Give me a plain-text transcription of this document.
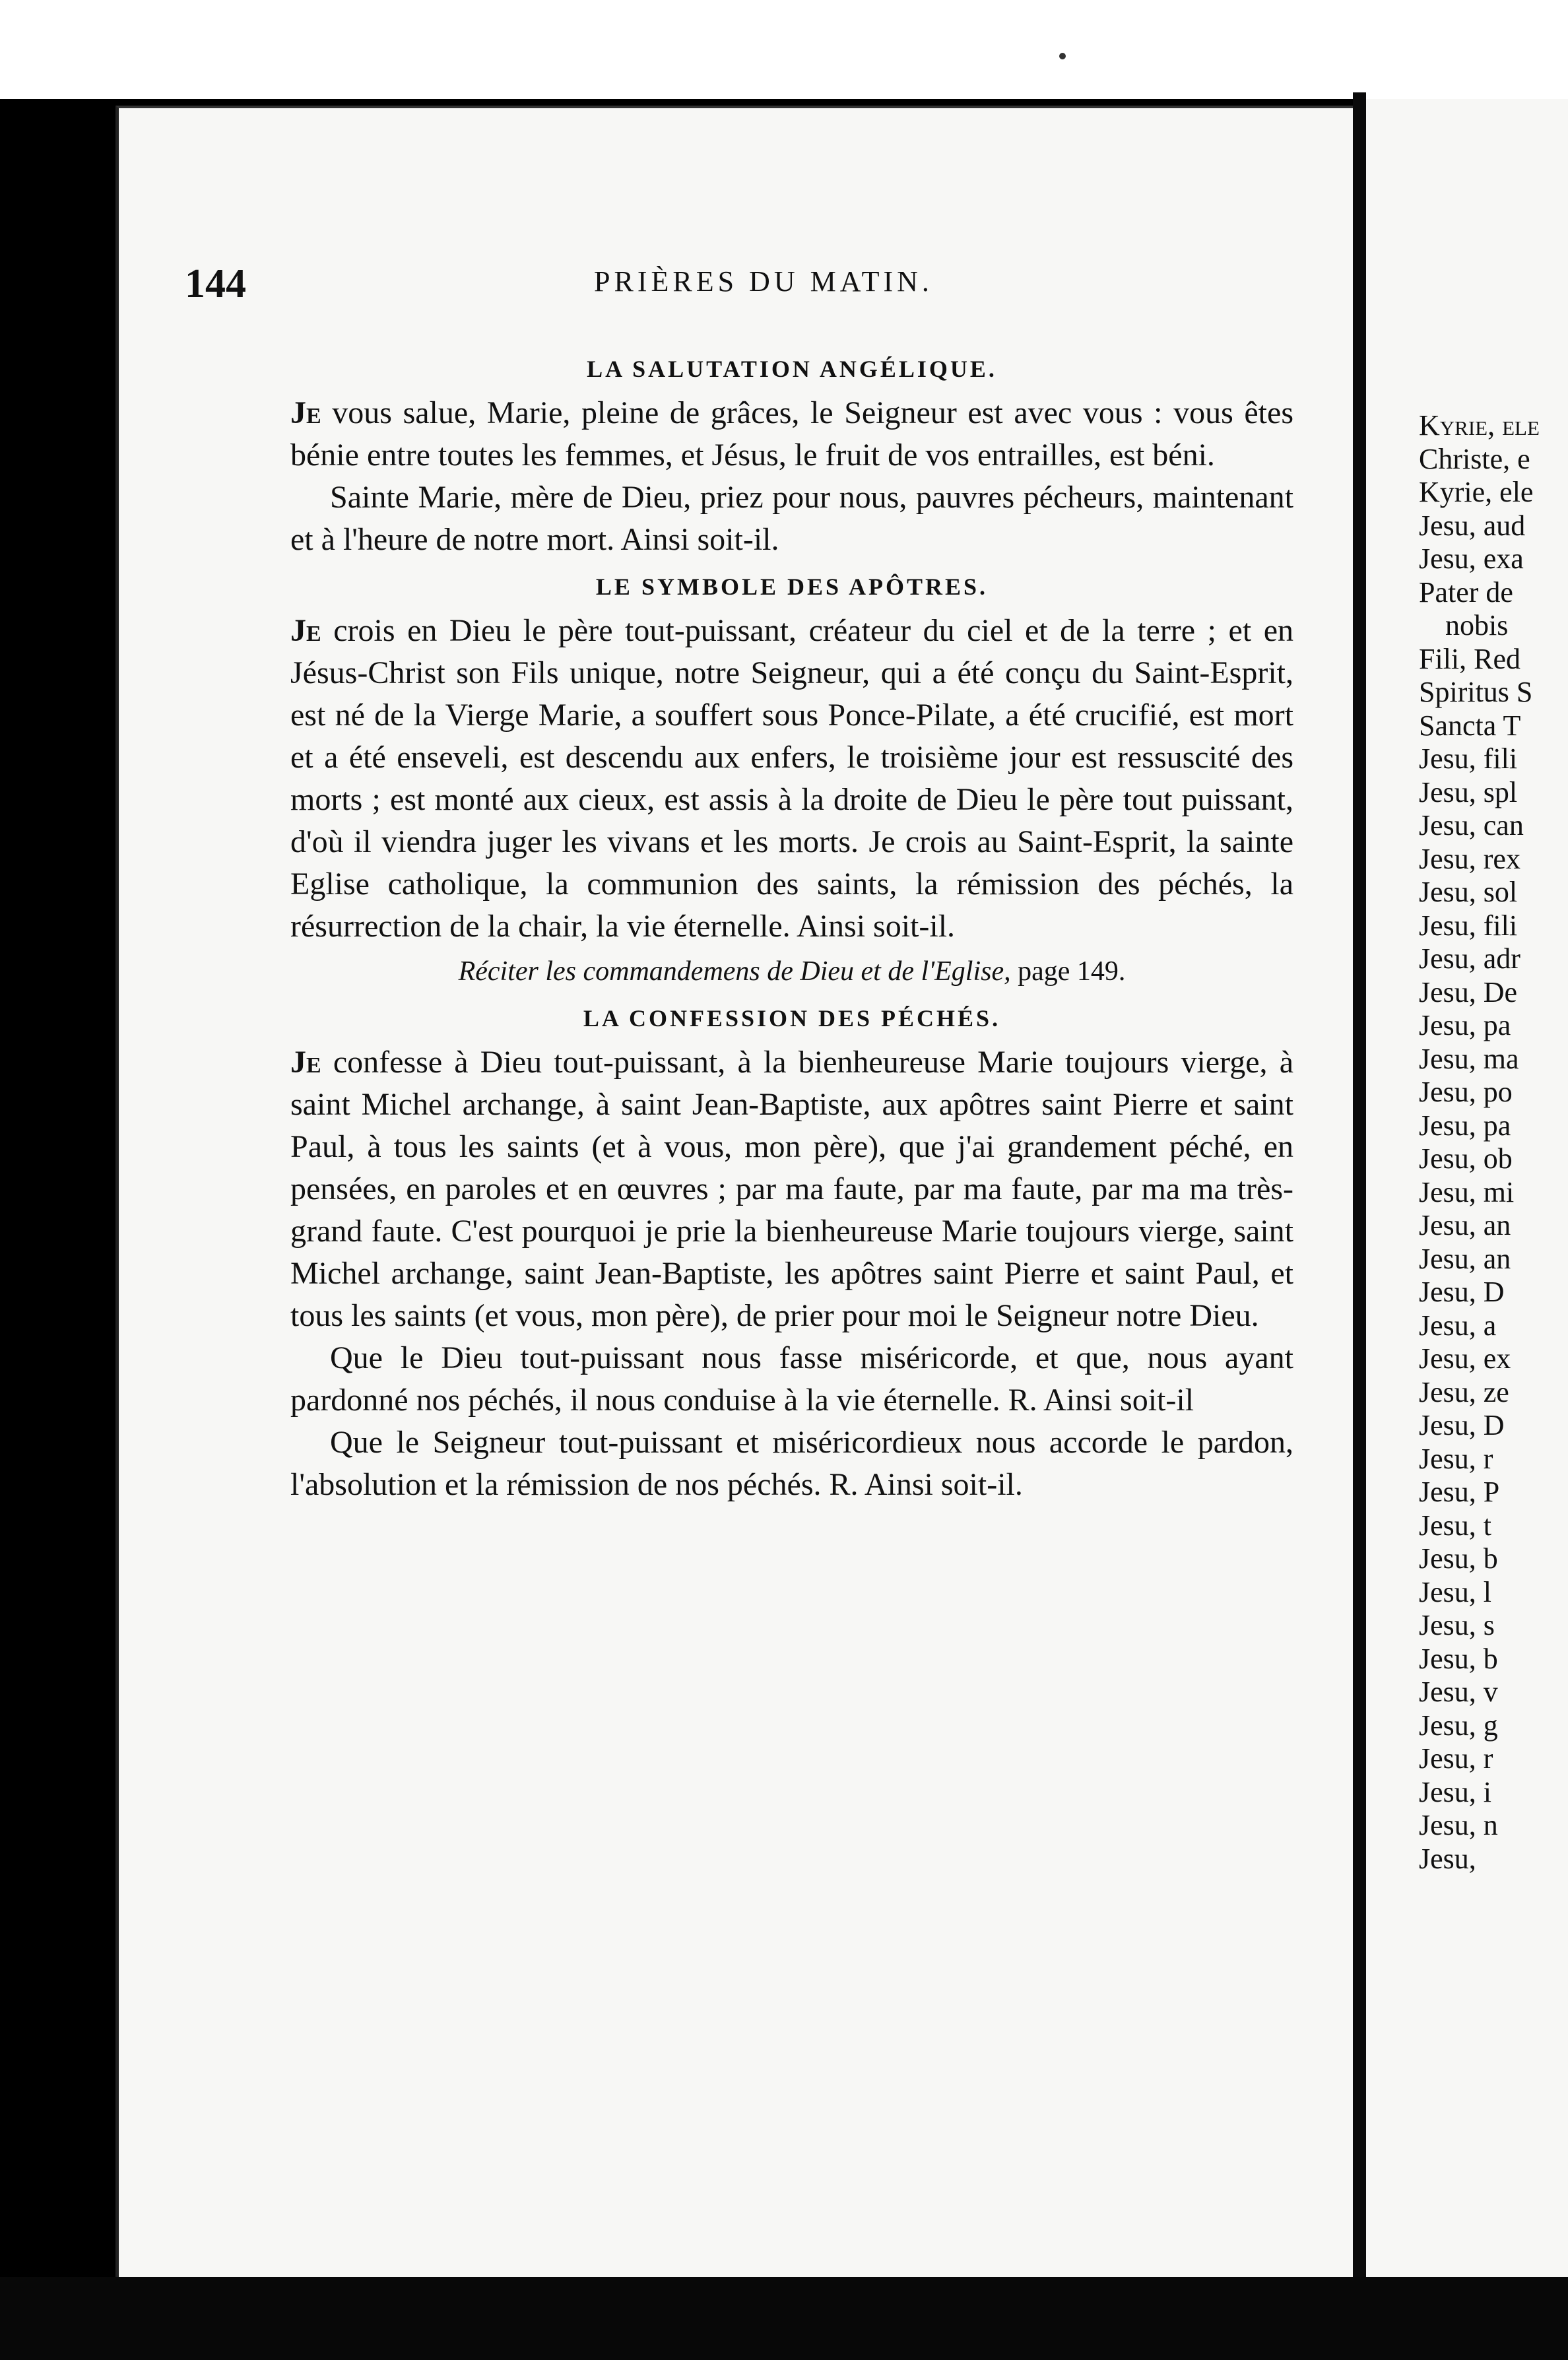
144	PRIÈRES DU MATIN.
LA SALUTATION ANGÉLIQUE.

Je vous salue, Marie, pleine de grâces, le Seigneur est avec vous : vous êtes bénie entre toutes les femmes, et Jésus, le fruit de vos entrailles, est béni.

Sainte Marie, mère de Dieu, priez pour nous, pauvres pécheurs, maintenant et à l'heure de notre mort. Ainsi soit-il.

LE SYMBOLE DES APÔTRES.

Je crois en Dieu le père tout-puissant, créateur du ciel et de la terre ; et en Jésus-Christ son Fils unique, notre Seigneur, qui a été conçu du Saint-Esprit, est né de la Vierge Marie, a souffert sous Ponce-Pilate, a été crucifié, est mort et a été enseveli, est descendu aux enfers, le troisième jour est ressuscité des morts ; est monté aux cieux, est assis à la droite de Dieu le père tout puissant, d'où il viendra juger les vivans et les morts. Je crois au Saint-Esprit, la sainte Eglise catholique, la communion des saints, la rémission des péchés, la résurrection de la chair, la vie éternelle. Ainsi soit-il.

Réciter les commandemens de Dieu et de l'Eglise, page 149.
LA CONFESSION DES PÉCHÉS.

Je confesse à Dieu tout-puissant, à la bienheureuse Marie toujours vierge, à saint Michel archange, à saint Jean-Baptiste, aux apôtres saint Pierre et saint Paul, à tous les saints (et à vous, mon père), que j'ai grandement péché, en pensées, en paroles et en œuvres ; par ma faute, par ma faute, par ma ma très-grand faute. C'est pourquoi je prie la bienheureuse Marie toujours vierge, saint Michel archange, saint Jean-Baptiste, les apôtres saint Pierre et saint Paul, et tous les saints (et vous, mon père), de prier pour moi le Seigneur notre Dieu.

Que le Dieu tout-puissant nous fasse miséricorde, et que, nous ayant pardonné nos péchés, il nous conduise à la vie éternelle. R. Ainsi soit-il

Que le Seigneur tout-puissant et miséricordieux nous accorde le pardon, l'absolution et la rémission de nos péchés. R. Ainsi soit-il.

Kyrie, ele
Christe, e
Kyrie, ele
Jesu, aud
Jesu, exa
Pater de
nobis
Fili, Red
Spiritus S
Sancta T
Jesu, fili
Jesu, spl
Jesu, can
Jesu, rex
Jesu, sol
Jesu, fili
Jesu, adr
Jesu, De
Jesu, pa
Jesu, ma
Jesu, po
Jesu, pa
Jesu, ob
Jesu, mi
Jesu, an
Jesu, an
Jesu, D
Jesu, a
Jesu, ex
Jesu, ze
Jesu, D
Jesu, r
Jesu, P
Jesu, t
Jesu, b
Jesu, l
Jesu, s
Jesu, b
Jesu, v
Jesu, g
Jesu, r
Jesu, i
Jesu, n
Jesu,
